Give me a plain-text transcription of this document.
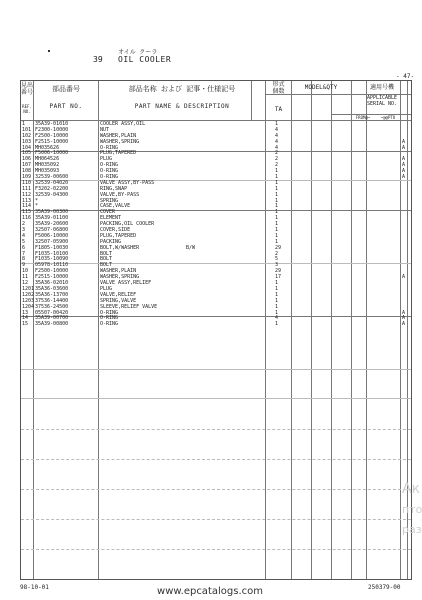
39
オイル クーラ
OIL COOLER
- 47-
見出
番号
REF.
NO.
部品番号
PART NO.
部品名称 および 記事・仕様記号
PART NAME & DESCRIPTION
形式
個数
TA
MODEL&QTY	適用号機
APPLICABLE
SERIAL NO.
FROM@~	~@@PTO
1 35A39-01010	COOLER ASSY,OIL	1
101 F2300-10000	NUT	4
102 F2500-10000	WASHER,PLAIN	4
103 F2515-10000	WASHER,SPRING	4	A
104 MH035626	O-RING	4	A
105 F5006-10000	PLUG,TAPERED	2
106 MH064526	PLUG	2	A
107 MH035092	O-RING	2	A
108 MH035093	O-RING	1	A
109 32539-00600	O-RING	1	A
110 32539-04020	VALVE ASSY,BY-PASS	1
111 F3202-02200	RING,SNAP	1
112 32539-04300	VALVE,BY-PASS	1
113 *	SPRING	1
114 *	CASE,VALVE	1
115 35A39-00300	COVER	1
116 35A39-01100	ELEMENT	1
2 35A39-20600	PACKING,OIL COOLER	1
3 32507-06800	COVER,SIDE	1
4 F5006-10000	PLUG,TAPERED	1
5 32507-05900	PACKING	1
6 F1805-10030	BOLT,W/WASHER	B/W	29
7 F1035-10100	BOLT	2
8 F1035-10090	BOLT	5
9 05978-10110	BOLT	3
10 F2500-10000	WASHER,PLAIN	29
11 F2515-10000	WASHER,SPRING	17	A
12 35A36-02010	VALVE ASSY,RELIEF	1
1201 35A36-03600	PLUG	1
1202 35A36-13700	VALVE,RELIEF	1
1203 37536-14400	SPRING,VALVE	1
1204 37536-24500	SLEEVE,RELIEF VALVE	1
13 05507-00420	O-RING	1	A
14 35A39-00700	O-RING	4	A
15 35A39-00800	O-RING	1	A
98-10-01	250379-00
Ак
пто
раз
www.epcatalogs.com
